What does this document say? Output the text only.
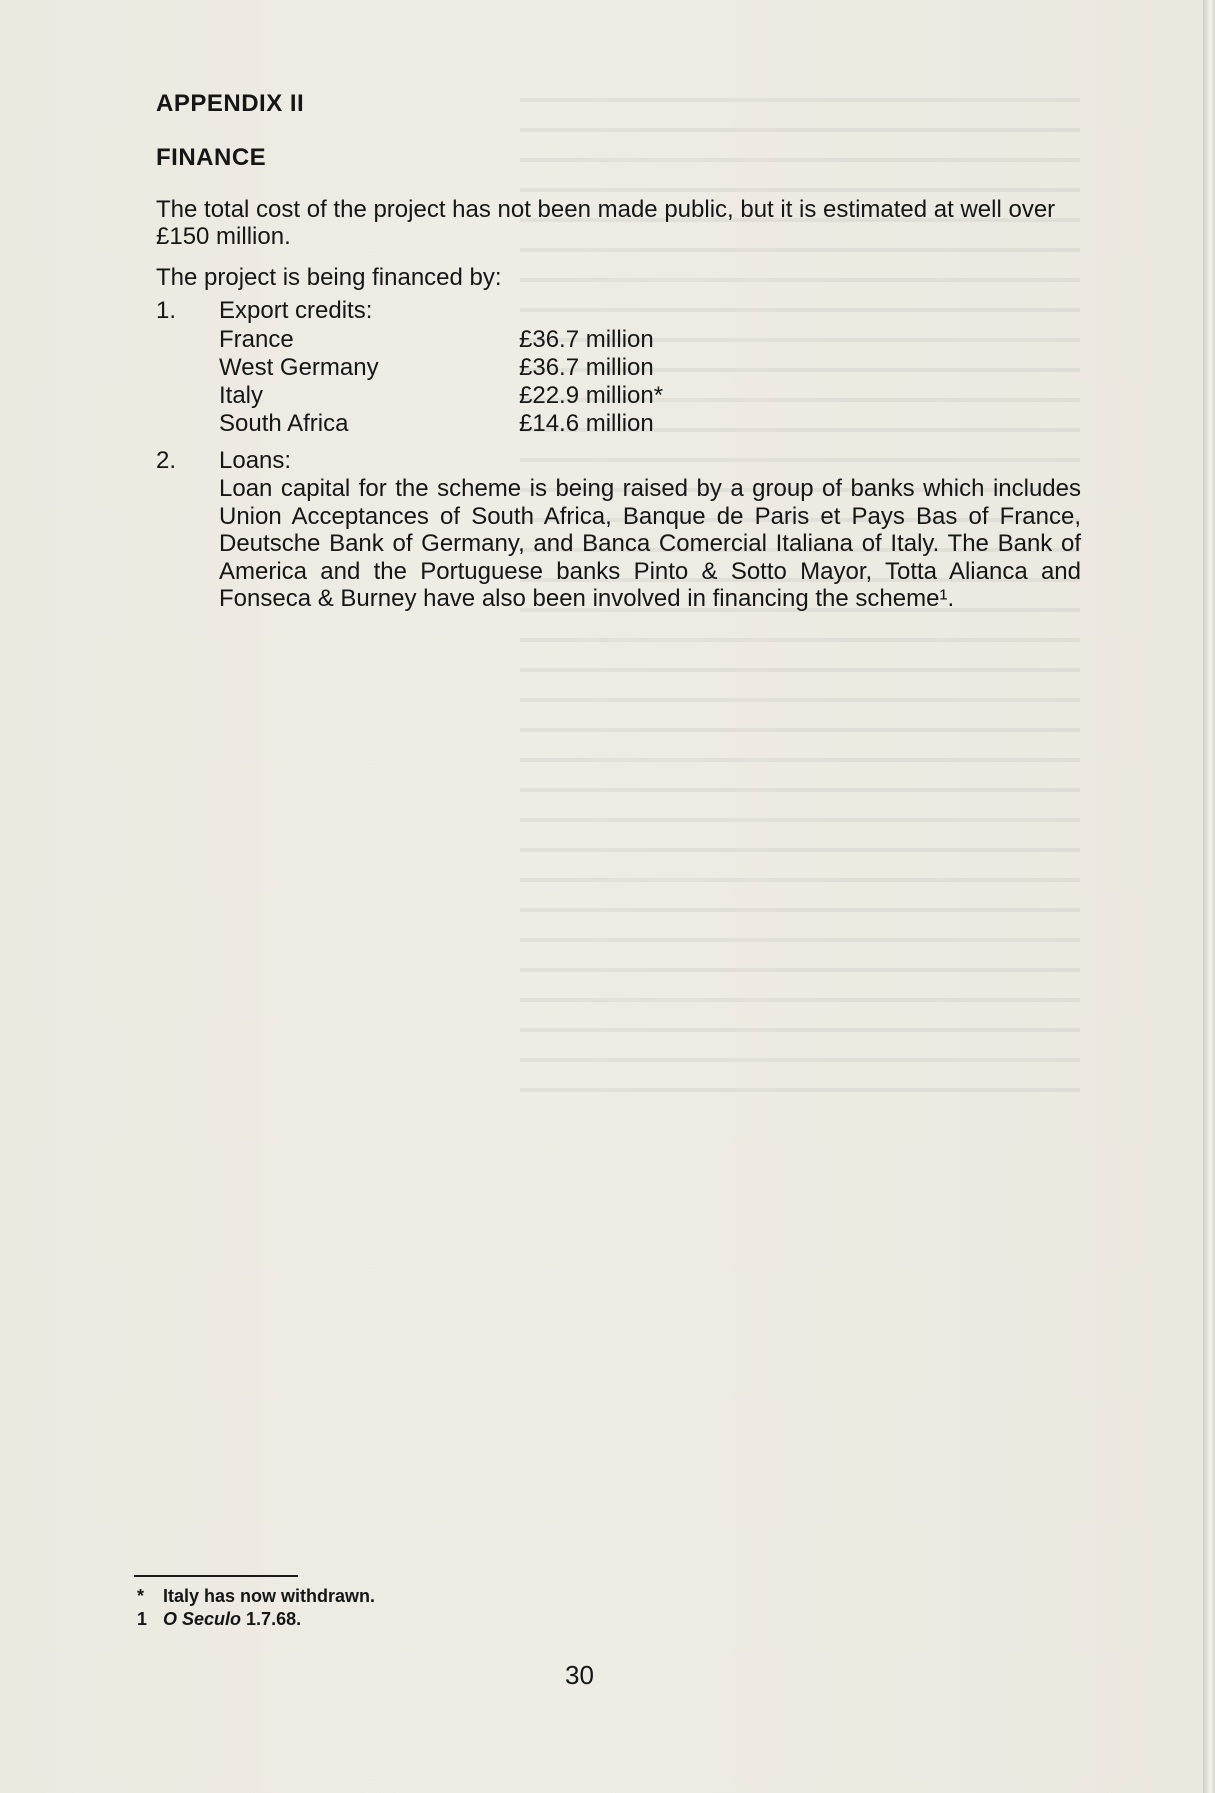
APPENDIX II
FINANCE

The total cost of the project has not been made public, but it is estimated at well over £150 million.

The project is being financed by:

1. Export credits:
France	£36.7 million
West Germany	£36.7 million
Italy	£22.9 million*
South Africa	£14.6 million
2. Loans:

Loan capital for the scheme is being raised by a group of banks which includes Union Acceptances of South Africa, Banque de Paris et Pays Bas of France, Deutsche Bank of Germany, and Banca Comercial Italiana of Italy. The Bank of America and the Portuguese banks Pinto & Sotto Mayor, Totta Alianca and Fonseca & Burney have also been involved in financing the scheme¹.

* Italy has now withdrawn.
1 O Seculo 1.7.68.
30
